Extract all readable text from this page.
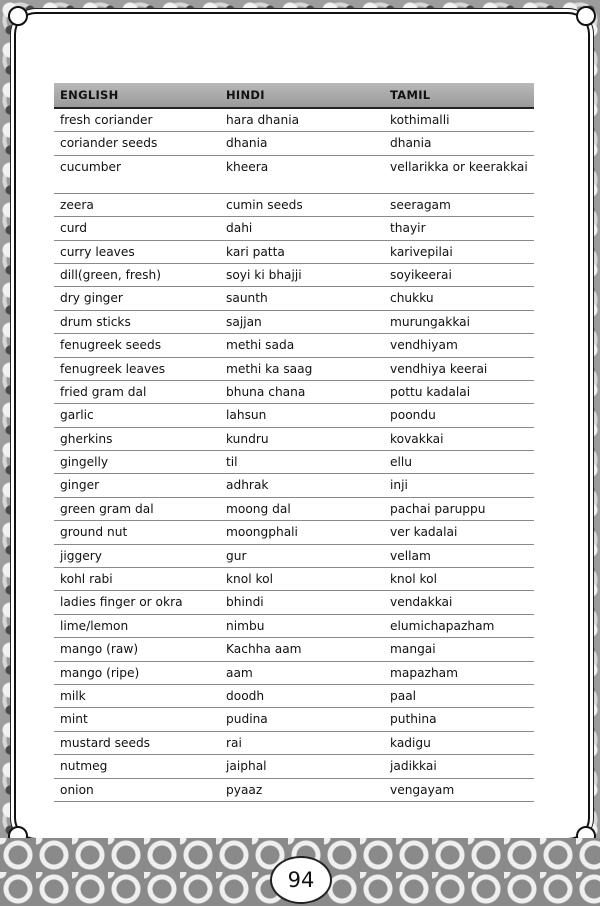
ENGLISH	HINDI	TAMIL
fresh coriander	hara dhania	kothimalli
coriander seeds	dhania	dhania
cucumber	kheera	vellarikka or keerakkai
zeera	cumin seeds	seeragam
curd	dahi	thayir
curry leaves	kari patta	karivepilai
dill(green, fresh)	soyi ki bhajji	soyikeerai
dry ginger	saunth	chukku
drum sticks	sajjan	murungakkai
fenugreek seeds	methi sada	vendhiyam
fenugreek leaves	methi ka saag	vendhiya keerai
fried gram dal	bhuna chana	pottu kadalai
garlic	lahsun	poondu
gherkins	kundru	kovakkai
gingelly	til	ellu
ginger	adhrak	inji
green gram dal	moong dal	pachai paruppu
ground nut	moongphali	ver kadalai
jiggery	gur	vellam
kohl rabi	knol kol	knol kol
ladies finger or okra	bhindi	vendakkai
lime/lemon	nimbu	elumichapazham
mango (raw)	Kachha aam	mangai
mango (ripe)	aam	mapazham
milk	doodh	paal
mint	pudina	puthina
mustard seeds	rai	kadigu
nutmeg	jaiphal	jadikkai
onion	pyaaz	vengayam
94
